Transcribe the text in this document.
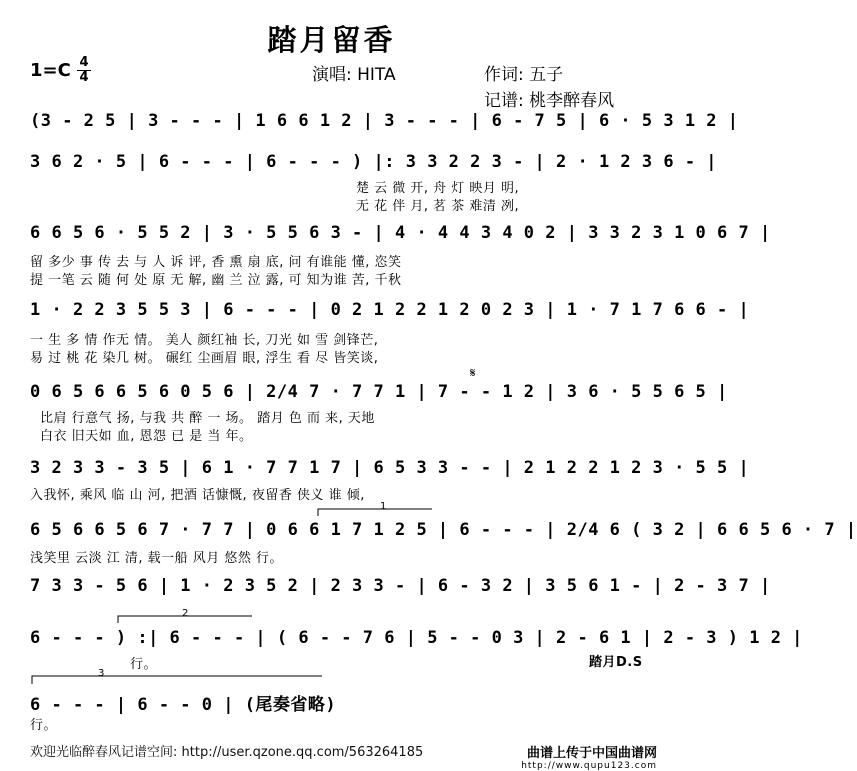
踏月留香
1=C 4
4	演唱: HITA	作词: 五子
记谱: 桃李醉春风
(3 - 2 5 | 3 - - - | 1 6 6 1 2 | 3 - - - | 6 - 7 5 | 6 · 5 3 1 2 |
3 6 2 · 5 | 6 - - - | 6 - - - ) |: 3 3 2 2 3 - | 2 · 1 2 3 6 - |
楚 云 微 开, 舟 灯 映月 明,
无 花 伴 月, 茗 茶 难清 冽,
6 6 5 6 · 5 5 2 | 3 · 5 5 6 3 - | 4 · 4 4 3 4 0 2 | 3 3 2 3 1 0 6 7 |
留 多少 事 传 去 与 人 诉 评, 香 熏 扇 底, 问 有谁能 懂, 恣笑
提 一笔 云 随 何 处 原 无 解, 幽 兰 泣 露, 可 知为谁 苦, 千秋
1 · 2 2 3 5 5 3 | 6 - - - | 0 2 1 2 2 1 2 0 2 3 | 1 · 7 1 7 6 6 - |
一 生 多 情 作无 情。 美人 颜红袖 长, 刀光 如 雪 剑锋芒,
易 过 桃 花 染几 树。 碾红 尘画眉 眼, 浮生 看 尽 皆笑谈,
0 6 5 6 6 5 6 0 5 6 | 2/4 7 · 7 7 1 | 7 - - 1 2 | 3 6 · 5 5 6 5 |
𝄋
比肩 行意气 扬, 与我 共 醉 一 场。 踏月 色 而 来, 天地
白衣 旧天如 血, 恩怨 已 是 当 年。
3 2 3 3 - 3 5 | 6 1 · 7 7 1 7 | 6 5 3 3 - - | 2 1 2 2 1 2 3 · 5 5 |
入我怀, 乘风 临 山 河, 把酒 话慷慨, 夜留香 侠义 谁 倾,
6 5 6 6 5 6 7 · 7 7 | 0 6 6 1 7 1 2 5 | 6 - - - | 2/4 6 ( 3 2 | 6 6 5 6 · 7 |
浅笑里 云淡 江 清, 载一船 风月 悠然 行。
7 3 3 - 5 6 | 1 · 2 3 5 2 | 2 3 3 - | 6 - 3 2 | 3 5 6 1 - | 2 - 3 7 |
6 - - - ) :| 6 - - - | ( 6 - - 7 6 | 5 - - 0 3 | 2 - 6 1 | 2 - 3 ) 1 2 |
行。	踏月D.S
6 - - - | 6 - - 0 | (尾奏省略)
行。
1
2
3
欢迎光临醉春风记谱空间: http://user.qzone.qq.com/563264185	曲谱上传于中国曲谱网
http://www.qupu123.com
